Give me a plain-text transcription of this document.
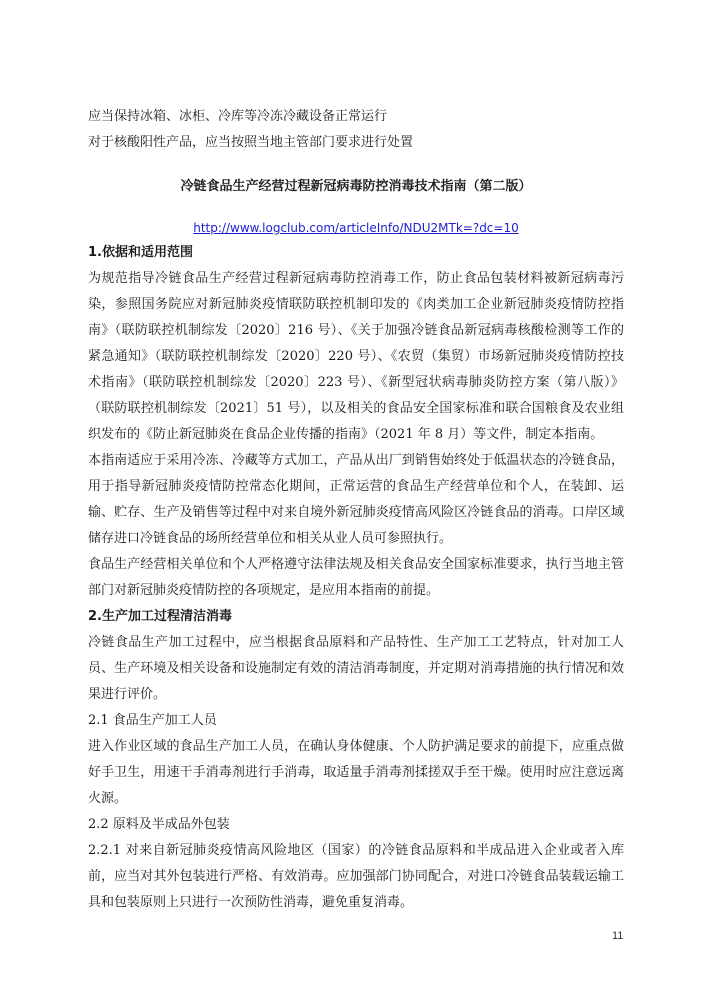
应当保持冰箱、冰柜、冷库等冷冻冷藏设备正常运行

对于核酸阳性产品，应当按照当地主管部门要求进行处置

冷链食品生产经营过程新冠病毒防控消毒技术指南（第二版）
http://www.logclub.com/articleInfo/NDU2MTk=?dc=10

1.依据和适用范围

为规范指导冷链食品生产经营过程新冠病毒防控消毒工作，防止食品包装材料被新冠病毒污染，参照国务院应对新冠肺炎疫情联防联控机制印发的《肉类加工企业新冠肺炎疫情防控指南》（联防联控机制综发〔2020〕216 号）、《关于加强冷链食品新冠病毒核酸检测等工作的紧急通知》（联防联控机制综发〔2020〕220 号）、《农贸（集贸）市场新冠肺炎疫情防控技术指南》（联防联控机制综发〔2020〕223 号）、《新型冠状病毒肺炎防控方案（第八版）》（联防联控机制综发〔2021〕51 号），以及相关的食品安全国家标准和联合国粮食及农业组织发布的《防止新冠肺炎在食品企业传播的指南》（2021 年 8 月）等文件，制定本指南。

本指南适应于采用冷冻、冷藏等方式加工，产品从出厂到销售始终处于低温状态的冷链食品，用于指导新冠肺炎疫情防控常态化期间，正常运营的食品生产经营单位和个人，在装卸、运输、贮存、生产及销售等过程中对来自境外新冠肺炎疫情高风险区冷链食品的消毒。口岸区域储存进口冷链食品的场所经营单位和相关从业人员可参照执行。

食品生产经营相关单位和个人严格遵守法律法规及相关食品安全国家标准要求，执行当地主管部门对新冠肺炎疫情防控的各项规定，是应用本指南的前提。

2.生产加工过程清洁消毒

冷链食品生产加工过程中，应当根据食品原料和产品特性、生产加工工艺特点，针对加工人员、生产环境及相关设备和设施制定有效的清洁消毒制度，并定期对消毒措施的执行情况和效果进行评价。

2.1 食品生产加工人员

进入作业区域的食品生产加工人员，在确认身体健康、个人防护满足要求的前提下，应重点做好手卫生，用速干手消毒剂进行手消毒，取适量手消毒剂揉搓双手至干燥。使用时应注意远离火源。

2.2 原料及半成品外包装

2.2.1 对来自新冠肺炎疫情高风险地区（国家）的冷链食品原料和半成品进入企业或者入库前，应当对其外包装进行严格、有效消毒。应加强部门协同配合，对进口冷链食品装载运输工具和包装原则上只进行一次预防性消毒，避免重复消毒。

11
